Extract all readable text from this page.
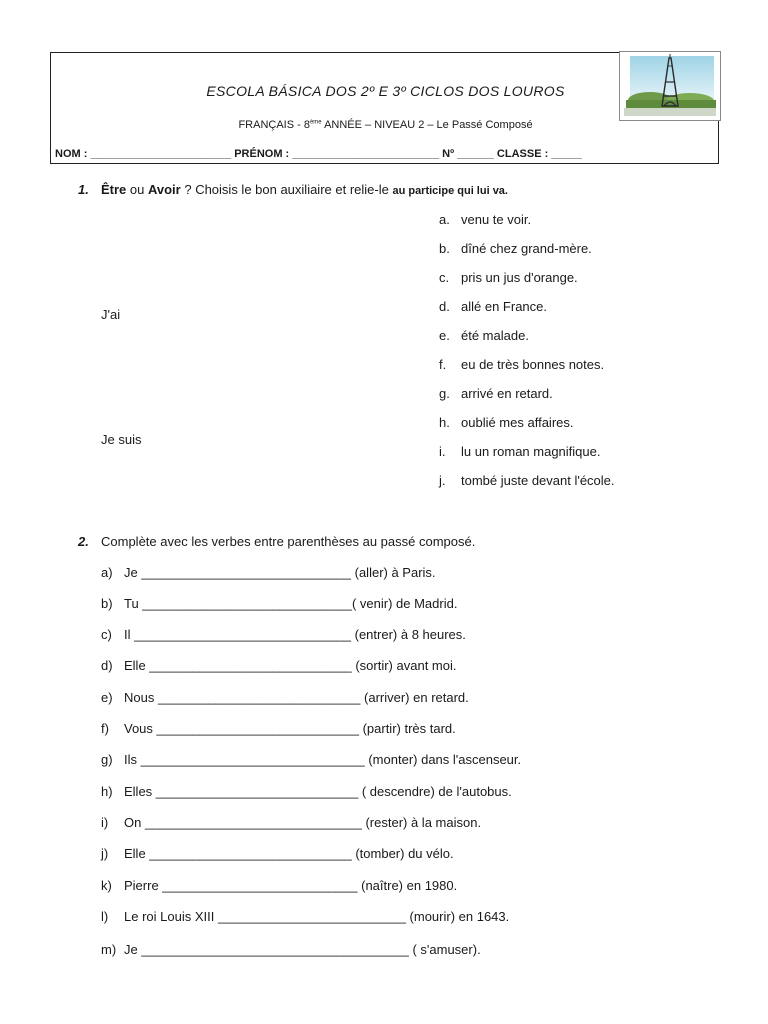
ESCOLA BÁSICA DOS 2º E 3º CICLOS DOS LOUROS
FRANÇAIS - 8ème ANNÉE – NIVEAU 2 – Le Passé Composé
NOM : _______________________ PRÉNOM : ________________________ Nº ______ CLASSE : _____
1. Être ou Avoir ? Choisis le bon auxiliaire et relie-le au participe qui lui va.
J'ai
Je suis
a. venu te voir.
b. dîné chez grand-mère.
c. pris un jus d'orange.
d. allé en France.
e. été malade.
f. eu de très bonnes notes.
g. arrivé en retard.
h. oublié mes affaires.
i. lu un roman magnifique.
j. tombé juste devant l'école.
2. Complète avec les verbes entre parenthèses au passé composé.
a) Je _____________________________ (aller) à Paris.
b) Tu _____________________________( venir) de Madrid.
c) Il ______________________________ (entrer) à 8 heures.
d) Elle ____________________________ (sortir) avant moi.
e) Nous ____________________________ (arriver) en retard.
f) Vous ____________________________ (partir) très tard.
g) Ils _______________________________ (monter) dans l'ascenseur.
h) Elles ____________________________ ( descendre) de l'autobus.
i) On ______________________________ (rester) à la maison.
j) Elle ____________________________ (tomber) du vélo.
k) Pierre ___________________________ (naître) en 1980.
l) Le roi Louis XIII __________________________ (mourir) en 1643.
m) Je _____________________________________ ( s'amuser).
